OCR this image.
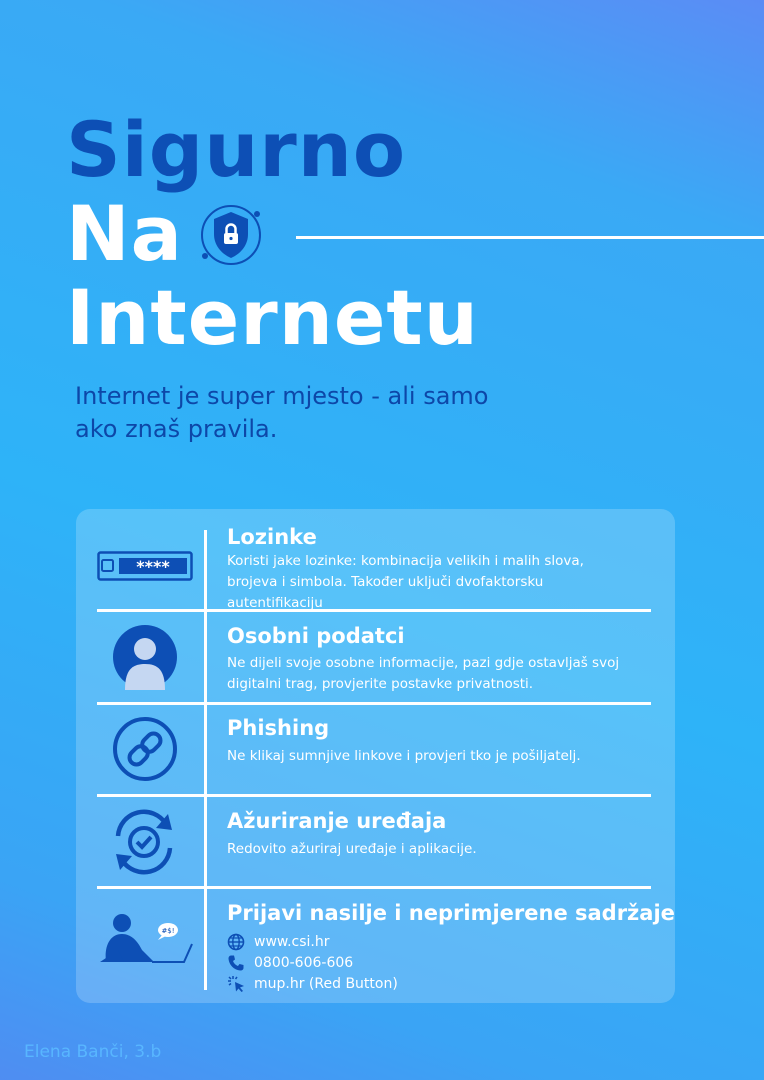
Sigurno
Na
Internetu
Internet je super mjesto - ali samo ako znaš pravila.
****
Lozinke
Koristi jake lozinke: kombinacija velikih i malih slova, brojeva i simbola. Također uključi dvofaktorsku autentifikaciju
Osobni podatci
Ne dijeli svoje osobne informacije, pazi gdje ostavljaš svoj digitalni trag, provjerite postavke privatnosti.
Phishing
Ne klikaj sumnjive linkove i provjeri tko je pošiljatelj.
Ažuriranje uređaja
Redovito ažuriraj uređaje i aplikacije.
#$!
Prijavi nasilje i neprimjerene sadržaje
www.csi.hr
0800-606-606
mup.hr (Red Button)
Elena Banči, 3.b
